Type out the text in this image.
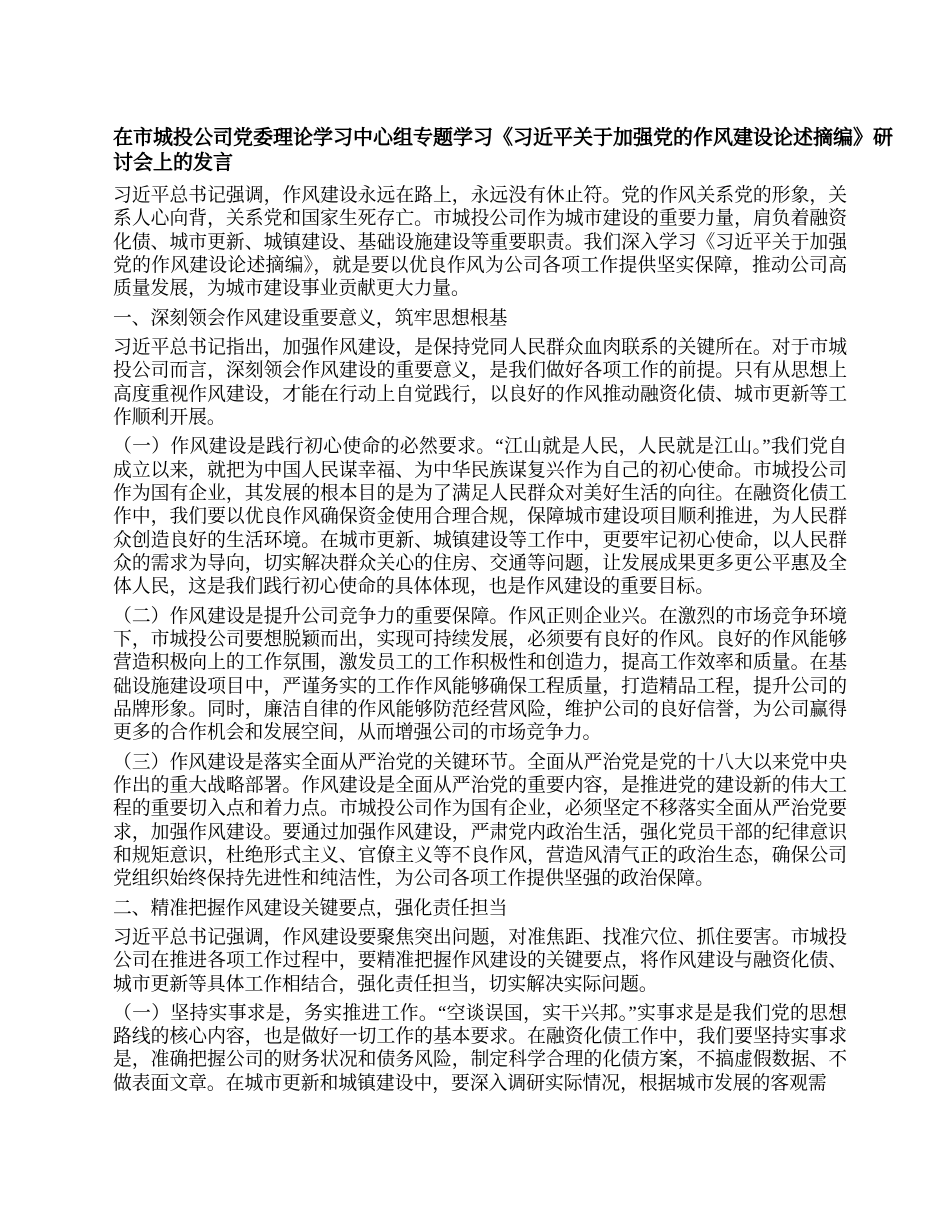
在市城投公司党委理论学习中心组专题学习《习近平关于加强党的作风建设论述摘编》研讨会上的发言

习近平总书记强调，作风建设永远在路上，永远没有休止符。党的作风关系党的形象，关系人心向背，关系党和国家生死存亡。市城投公司作为城市建设的重要力量，肩负着融资化债、城市更新、城镇建设、基础设施建设等重要职责。我们深入学习《习近平关于加强党的作风建设论述摘编》，就是要以优良作风为公司各项工作提供坚实保障，推动公司高质量发展，为城市建设事业贡献更大力量。

一、深刻领会作风建设重要意义，筑牢思想根基

习近平总书记指出，加强作风建设，是保持党同人民群众血肉联系的关键所在。对于市城投公司而言，深刻领会作风建设的重要意义，是我们做好各项工作的前提。只有从思想上高度重视作风建设，才能在行动上自觉践行，以良好的作风推动融资化债、城市更新等工作顺利开展。

（一）作风建设是践行初心使命的必然要求。“江山就是人民，人民就是江山。”我们党自成立以来，就把为中国人民谋幸福、为中华民族谋复兴作为自己的初心使命。市城投公司作为国有企业，其发展的根本目的是为了满足人民群众对美好生活的向往。在融资化债工作中，我们要以优良作风确保资金使用合理合规，保障城市建设项目顺利推进，为人民群众创造良好的生活环境。在城市更新、城镇建设等工作中，更要牢记初心使命，以人民群众的需求为导向，切实解决群众关心的住房、交通等问题，让发展成果更多更公平惠及全体人民，这是我们践行初心使命的具体体现，也是作风建设的重要目标。

（二）作风建设是提升公司竞争力的重要保障。作风正则企业兴。在激烈的市场竞争环境下，市城投公司要想脱颖而出，实现可持续发展，必须要有良好的作风。良好的作风能够营造积极向上的工作氛围，激发员工的工作积极性和创造力，提高工作效率和质量。在基础设施建设项目中，严谨务实的工作作风能够确保工程质量，打造精品工程，提升公司的品牌形象。同时，廉洁自律的作风能够防范经营风险，维护公司的良好信誉，为公司赢得更多的合作机会和发展空间，从而增强公司的市场竞争力。

（三）作风建设是落实全面从严治党的关键环节。全面从严治党是党的十八大以来党中央作出的重大战略部署。作风建设是全面从严治党的重要内容，是推进党的建设新的伟大工程的重要切入点和着力点。市城投公司作为国有企业，必须坚定不移落实全面从严治党要求，加强作风建设。要通过加强作风建设，严肃党内政治生活，强化党员干部的纪律意识和规矩意识，杜绝形式主义、官僚主义等不良作风，营造风清气正的政治生态，确保公司党组织始终保持先进性和纯洁性，为公司各项工作提供坚强的政治保障。

二、精准把握作风建设关键要点，强化责任担当

习近平总书记强调，作风建设要聚焦突出问题，对准焦距、找准穴位、抓住要害。市城投公司在推进各项工作过程中，要精准把握作风建设的关键要点，将作风建设与融资化债、城市更新等具体工作相结合，强化责任担当，切实解决实际问题。

（一）坚持实事求是，务实推进工作。“空谈误国，实干兴邦。”实事求是是我们党的思想路线的核心内容，也是做好一切工作的基本要求。在融资化债工作中，我们要坚持实事求是，准确把握公司的财务状况和债务风险，制定科学合理的化债方案，不搞虚假数据、不做表面文章。在城市更新和城镇建设中，要深入调研实际情况，根据城市发展的客观需
